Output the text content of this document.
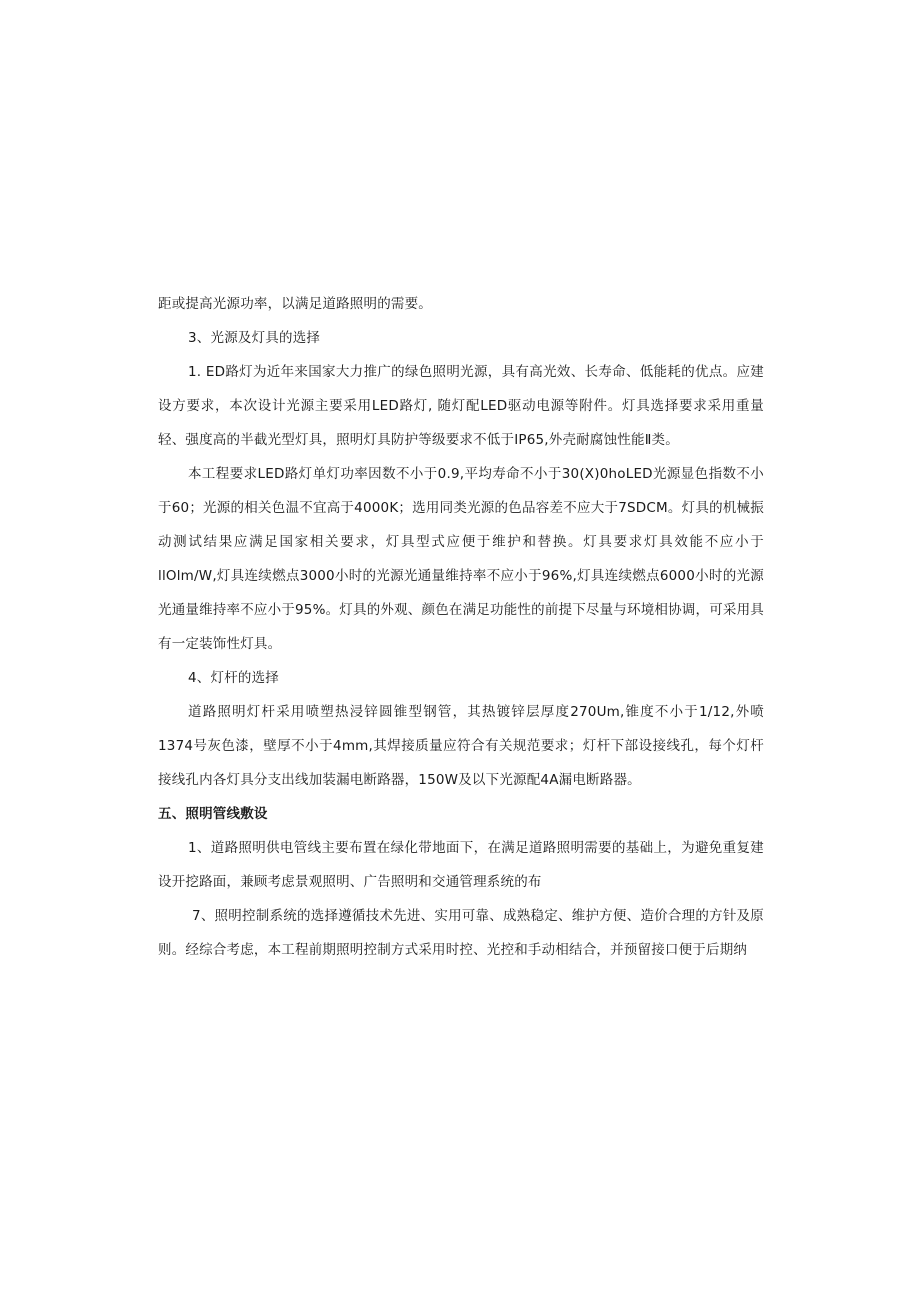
距或提高光源功率，以满足道路照明的需要。

3、光源及灯具的选择

1. ED路灯为近年来国家大力推广的绿色照明光源，具有高光效、长寿命、低能耗的优点。应建设方要求，本次设计光源主要采用LED路灯, 随灯配LED驱动电源等附件。灯具选择要求采用重量轻、强度高的半截光型灯具，照明灯具防护等级要求不低于IP65,外壳耐腐蚀性能Ⅱ类。

本工程要求LED路灯单灯功率因数不小于0.9,平均寿命不小于30(X)0hoLED光源显色指数不小于60；光源的相关色温不宜高于4000K；选用同类光源的色品容差不应大于7SDCM。灯具的机械振动测试结果应满足国家相关要求，灯具型式应便于维护和替换。灯具要求灯具效能不应小于llOlm/W,灯具连续燃点3000小时的光源光通量维持率不应小于96%,灯具连续燃点6000小时的光源光通量维持率不应小于95%。灯具的外观、颜色在满足功能性的前提下尽量与环境相协调，可采用具有一定装饰性灯具。

4、灯杆的选择

道路照明灯杆采用喷塑热浸锌圆锥型钢管，其热镀锌层厚度270Um,锥度不小于1/12,外喷1374号灰色漆，壁厚不小于4mm,其焊接质量应符合有关规范要求；灯杆下部设接线孔，每个灯杆接线孔内各灯具分支出线加装漏电断路器，150W及以下光源配4A漏电断路器。

五、照明管线敷设

1、道路照明供电管线主要布置在绿化带地面下，在满足道路照明需要的基础上，为避免重复建设开挖路面，兼顾考虑景观照明、广告照明和交通管理系统的布

7、照明控制系统的选择遵循技术先进、实用可靠、成熟稳定、维护方便、造价合理的方针及原则。经综合考虑，本工程前期照明控制方式采用时控、光控和手动相结合，并预留接口便于后期纳
